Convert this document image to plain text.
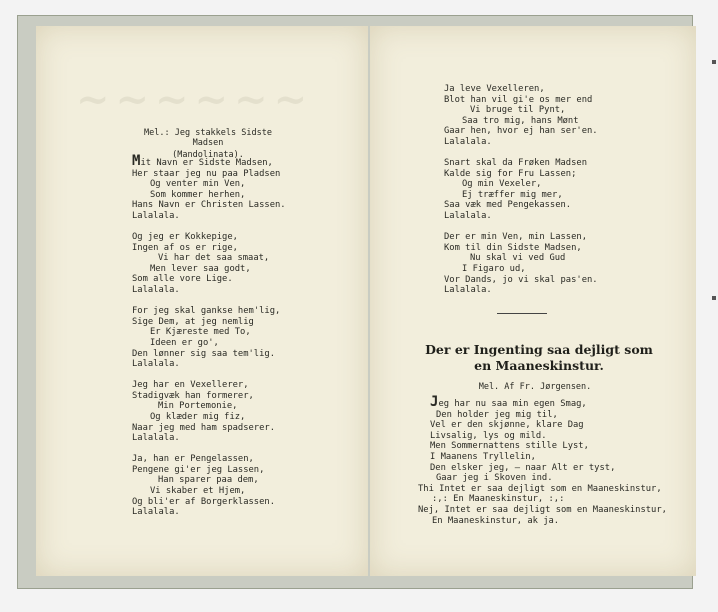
~~~~~~
Mel.: Jeg stakkels Sidste Madsen
(Mandolinata).
Mit Navn er Sidste Madsen,
Her staar jeg nu paa Pladsen
Og venter min Ven,
Som kommer herhen,
Hans Navn er Christen Lassen.
Lalalala.
Og jeg er Kokkepige,
Ingen af os er rige,
Vi har det saa smaat,
Men lever saa godt,
Som alle vore Lige.
Lalalala.
For jeg skal gankse hem'lig,
Sige Dem, at jeg nemlig
Er Kjæreste med To,
Ideen er go',
Den lønner sig saa tem'lig.
Lalalala.
Jeg har en Vexellerer,
Stadigvæk han formerer,
Min Portemonie,
Og klæder mig fiz,
Naar jeg med ham spadserer.
Lalalala.
Ja, han er Pengelassen,
Pengene gi'er jeg Lassen,
Han sparer paa dem,
Vi skaber et Hjem,
Og bli'er af Borgerklassen.
Lalalala.
Ja leve Vexelleren,
Blot han vil gi'e os mer end
Vi bruge til Pynt,
Saa tro mig, hans Mønt
Gaar hen, hvor ej han ser'en.
Lalalala.
Snart skal da Frøken Madsen
Kalde sig for Fru Lassen;
Og min Vexeler,
Ej træffer mig mer,
Saa væk med Pengekassen.
Lalalala.
Der er min Ven, min Lassen,
Kom til din Sidste Madsen,
Nu skal vi ved Gud
I Figaro ud,
Vor Dands, jo vi skal pas'en.
Lalalala.
Der er Ingenting saa dejligt som
en Maaneskinstur.
Mel. Af Fr. Jørgensen.
Jeg har nu saa min egen Smag,
Den holder jeg mig til,
Vel er den skjønne, klare Dag
Livsalig, lys og mild.
Men Sommernattens stille Lyst,
I Maanens Tryllelin,
Den elsker jeg, — naar Alt er tyst,
Gaar jeg i Skoven ind.
Thi Intet er saa dejligt som en Maaneskinstur,
:,: En Maaneskinstur, :,:
Nej, Intet er saa dejligt som en Maaneskinstur,
En Maaneskinstur, ak ja.
